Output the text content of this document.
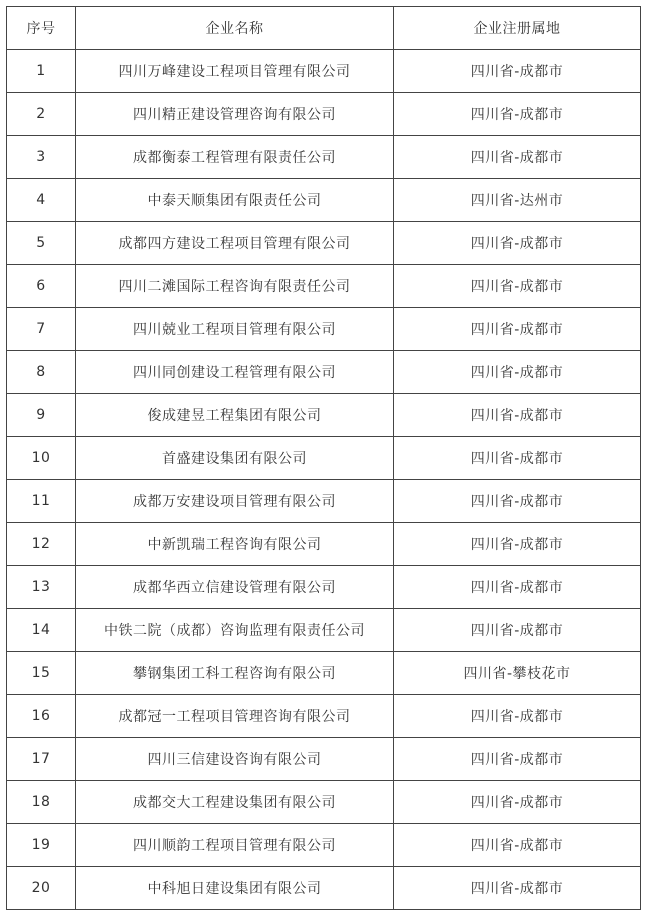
序号	企业名称	企业注册属地
1	四川万峰建设工程项目管理有限公司	四川省-成都市
2	四川精正建设管理咨询有限公司	四川省-成都市
3	成都衡泰工程管理有限责任公司	四川省-成都市
4	中泰天顺集团有限责任公司	四川省-达州市
5	成都四方建设工程项目管理有限公司	四川省-成都市
6	四川二滩国际工程咨询有限责任公司	四川省-成都市
7	四川兢业工程项目管理有限公司	四川省-成都市
8	四川同创建设工程管理有限公司	四川省-成都市
9	俊成建昱工程集团有限公司	四川省-成都市
10	首盛建设集团有限公司	四川省-成都市
11	成都万安建设项目管理有限公司	四川省-成都市
12	中新凯瑞工程咨询有限公司	四川省-成都市
13	成都华西立信建设管理有限公司	四川省-成都市
14	中铁二院（成都）咨询监理有限责任公司	四川省-成都市
15	攀钢集团工科工程咨询有限公司	四川省-攀枝花市
16	成都冠一工程项目管理咨询有限公司	四川省-成都市
17	四川三信建设咨询有限公司	四川省-成都市
18	成都交大工程建设集团有限公司	四川省-成都市
19	四川顺韵工程项目管理有限公司	四川省-成都市
20	中科旭日建设集团有限公司	四川省-成都市
